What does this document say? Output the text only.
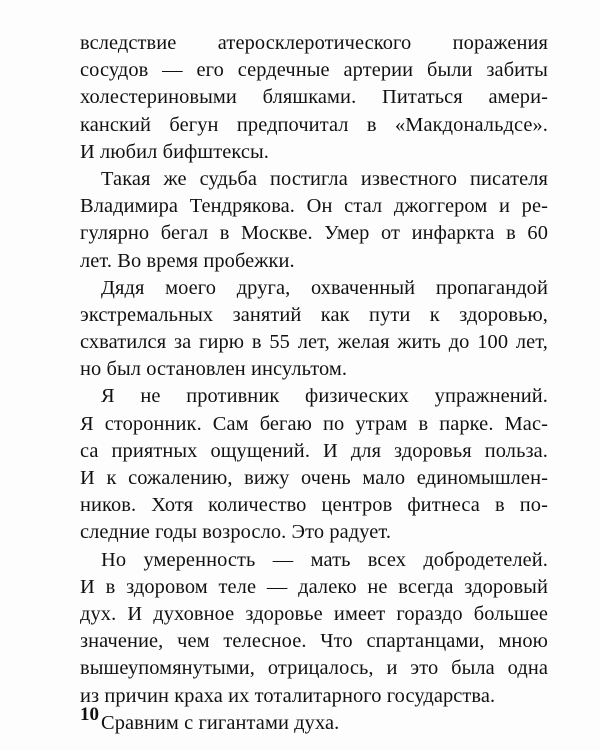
вследствие атеросклеротического поражения
сосудов — его сердечные артерии были забиты
холестериновыми бляшками. Питаться амери-
канский бегун предпочитал в «Макдональдсе».
И любил бифштексы.
Такая же судьба постигла известного писателя
Владимира Тендрякова. Он стал джоггером и ре-
гулярно бегал в Москве. Умер от инфаркта в 60
лет. Во время пробежки.
Дядя моего друга, охваченный пропагандой
экстремальных занятий как пути к здоровью,
схватился за гирю в 55 лет, желая жить до 100 лет,
но был остановлен инсультом.
Я не противник физических упражнений.
Я сторонник. Сам бегаю по утрам в парке. Мас-
са приятных ощущений. И для здоровья польза.
И к сожалению, вижу очень мало единомышлен-
ников. Хотя количество центров фитнеса в по-
следние годы возросло. Это радует.
Но умеренность — мать всех добродетелей.
И в здоровом теле — далеко не всегда здоровый
дух. И духовное здоровье имеет гораздо большее
значение, чем телесное. Что спартанцами, мною
вышеупомянутыми, отрицалось, и это была одна
из причин краха их тоталитарного государства.
Сравним с гигантами духа.
10
